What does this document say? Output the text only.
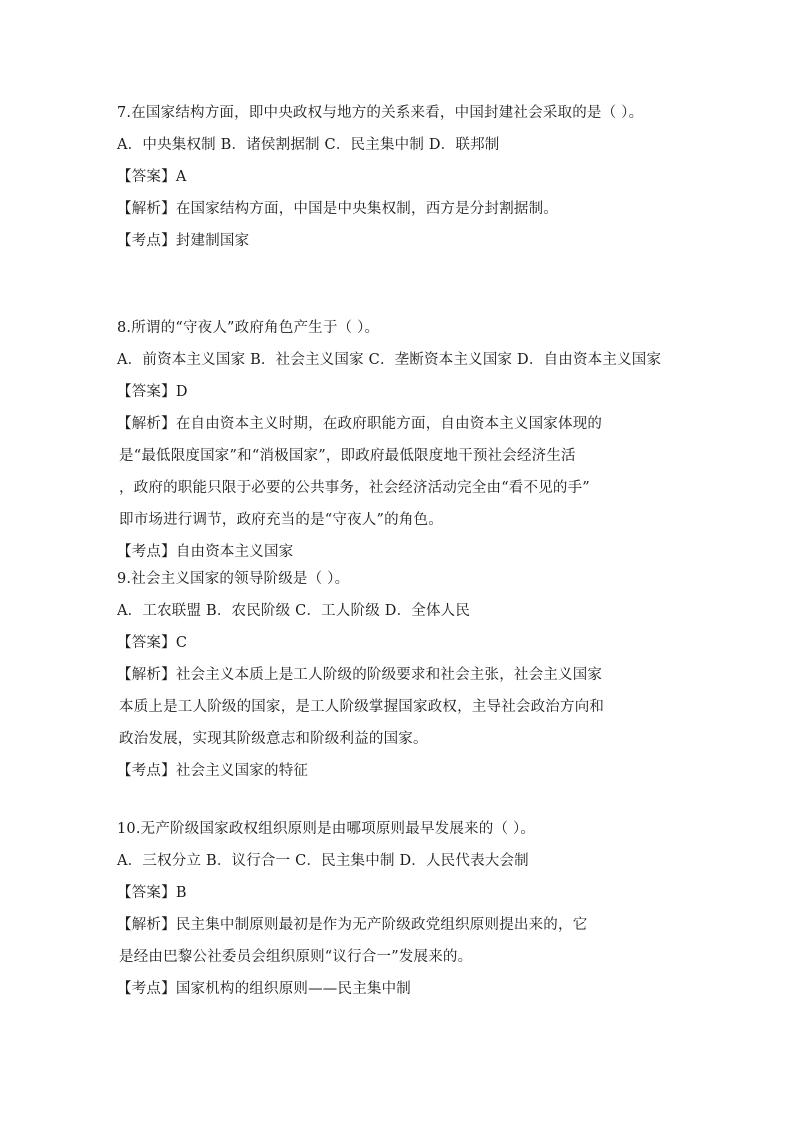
7.在国家结构方面，即中央政权与地方的关系来看，中国封建社会采取的是（ ）。
A．中央集权制 B．诸侯割据制 C．民主集中制 D．联邦制
【答案】A
【解析】在国家结构方面，中国是中央集权制，西方是分封割据制。
【考点】封建制国家
8.所谓的“守夜人”政府角色产生于（ ）。
A．前资本主义国家 B．社会主义国家 C．垄断资本主义国家 D．自由资本主义国家
【答案】D
【解析】在自由资本主义时期，在政府职能方面，自由资本主义国家体现的
是“最低限度国家”和“消极国家”，即政府最低限度地干预社会经济生活
，政府的职能只限于必要的公共事务，社会经济活动完全由“看不见的手”
即市场进行调节，政府充当的是“守夜人”的角色。
【考点】自由资本主义国家
9.社会主义国家的领导阶级是（ ）。
A．工农联盟 B．农民阶级 C．工人阶级 D．全体人民
【答案】C
【解析】社会主义本质上是工人阶级的阶级要求和社会主张，社会主义国家
本质上是工人阶级的国家，是工人阶级掌握国家政权，主导社会政治方向和
政治发展，实现其阶级意志和阶级利益的国家。
【考点】社会主义国家的特征
10.无产阶级国家政权组织原则是由哪项原则最早发展来的（ ）。
A．三权分立 B．议行合一 C．民主集中制 D．人民代表大会制
【答案】B
【解析】民主集中制原则最初是作为无产阶级政党组织原则提出来的，它
是经由巴黎公社委员会组织原则“议行合一”发展来的。
【考点】国家机构的组织原则——民主集中制
